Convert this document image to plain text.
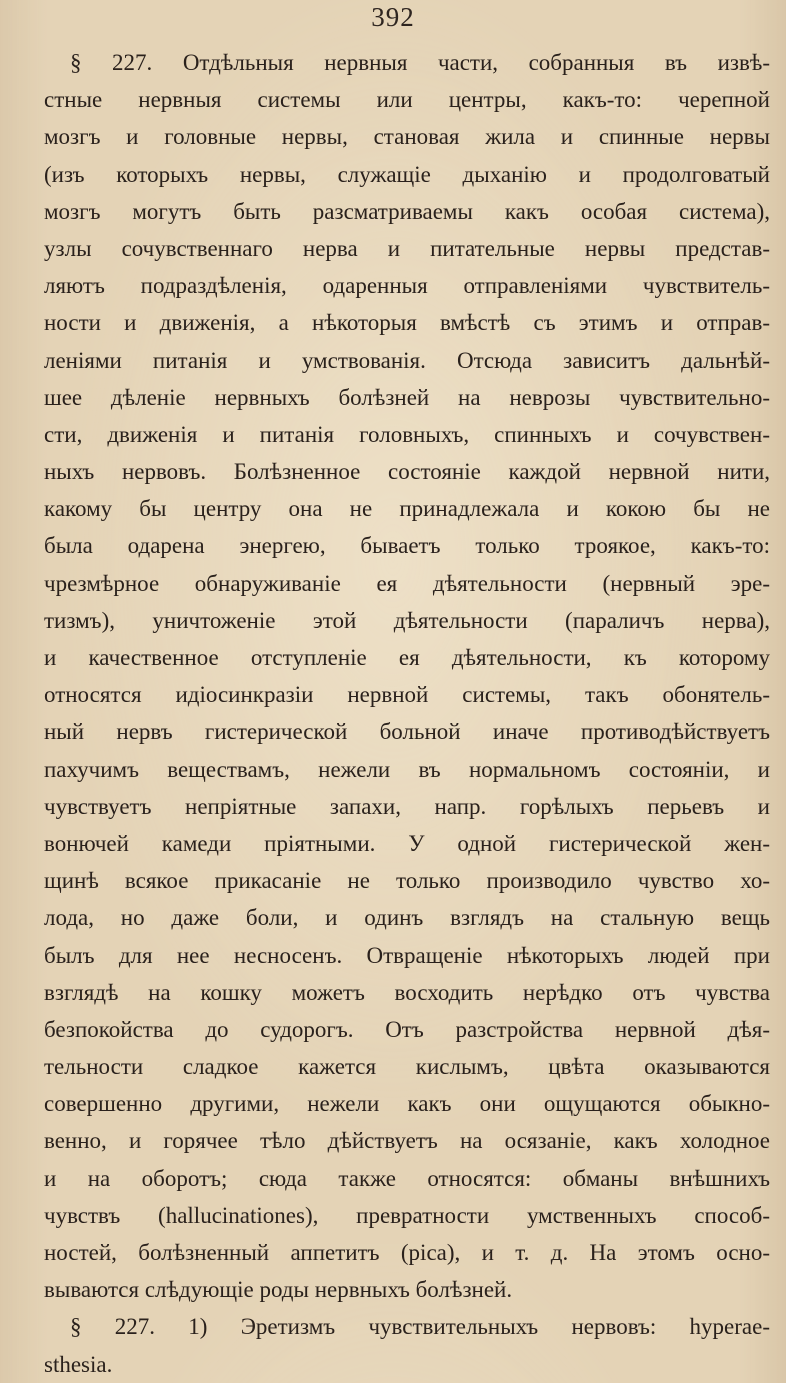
392
§ 227. Отдѣльныя нервныя части, собранныя въ извѣ-
стные нервныя системы или центры, какъ-то: черепной
мозгъ и головные нервы, становая жила и спинные нервы
(изъ которыхъ нервы, служащіе дыханію и продолговатый
мозгъ могутъ быть разсматриваемы какъ особая система),
узлы сочувственнаго нерва и питательные нервы представ-
ляютъ подраздѣленія, одаренныя отправленіями чувствитель-
ности и движенія, а нѣкоторыя вмѣстѣ съ этимъ и отправ-
леніями питанія и умствованія. Отсюда зависитъ дальнѣй-
шее дѣленіе нервныхъ болѣзней на неврозы чувствительно-
сти, движенія и питанія головныхъ, спинныхъ и сочувствен-
ныхъ нервовъ. Болѣзненное состояніе каждой нервной нити,
какому бы центру она не принадлежала и кокою бы не
была одарена энергею, бываетъ только троякое, какъ-то:
чрезмѣрное обнаруживаніе ея дѣятельности (нервный эре-
тизмъ), уничтоженіе этой дѣятельности (параличъ нерва),
и качественное отступленіе ея дѣятельности, къ которому
относятся идіосинкразіи нервной системы, такъ обонятель-
ный нервъ гистерической больной иначе противодѣйствуетъ
пахучимъ веществамъ, нежели въ нормальномъ состояніи, и
чувствуетъ непріятные запахи, напр. горѣлыхъ перьевъ и
вонючей камеди пріятными. У одной гистерической жен-
щинѣ всякое прикасаніе не только производило чувство хо-
лода, но даже боли, и одинъ взглядъ на стальную вещь
былъ для нее несносенъ. Отвращеніе нѣкоторыхъ людей при
взглядѣ на кошку можетъ восходить нерѣдко отъ чувства
безпокойства до судорогъ. Отъ разстройства нервной дѣя-
тельности сладкое кажется кислымъ, цвѣта оказываются
совершенно другими, нежели какъ они ощущаются обыкно-
венно, и горячее тѣло дѣйствуетъ на осязаніе, какъ холодное
и на оборотъ; сюда также относятся: обманы внѣшнихъ
чувствъ (hallucinationes), превратности умственныхъ способ-
ностей, болѣзненный аппетитъ (pica), и т. д. На этомъ осно-
вываются слѣдующіе роды нервныхъ болѣзней.
§ 227. 1) Эретизмъ чувствительныхъ нервовъ: hyperae-
sthesia.
